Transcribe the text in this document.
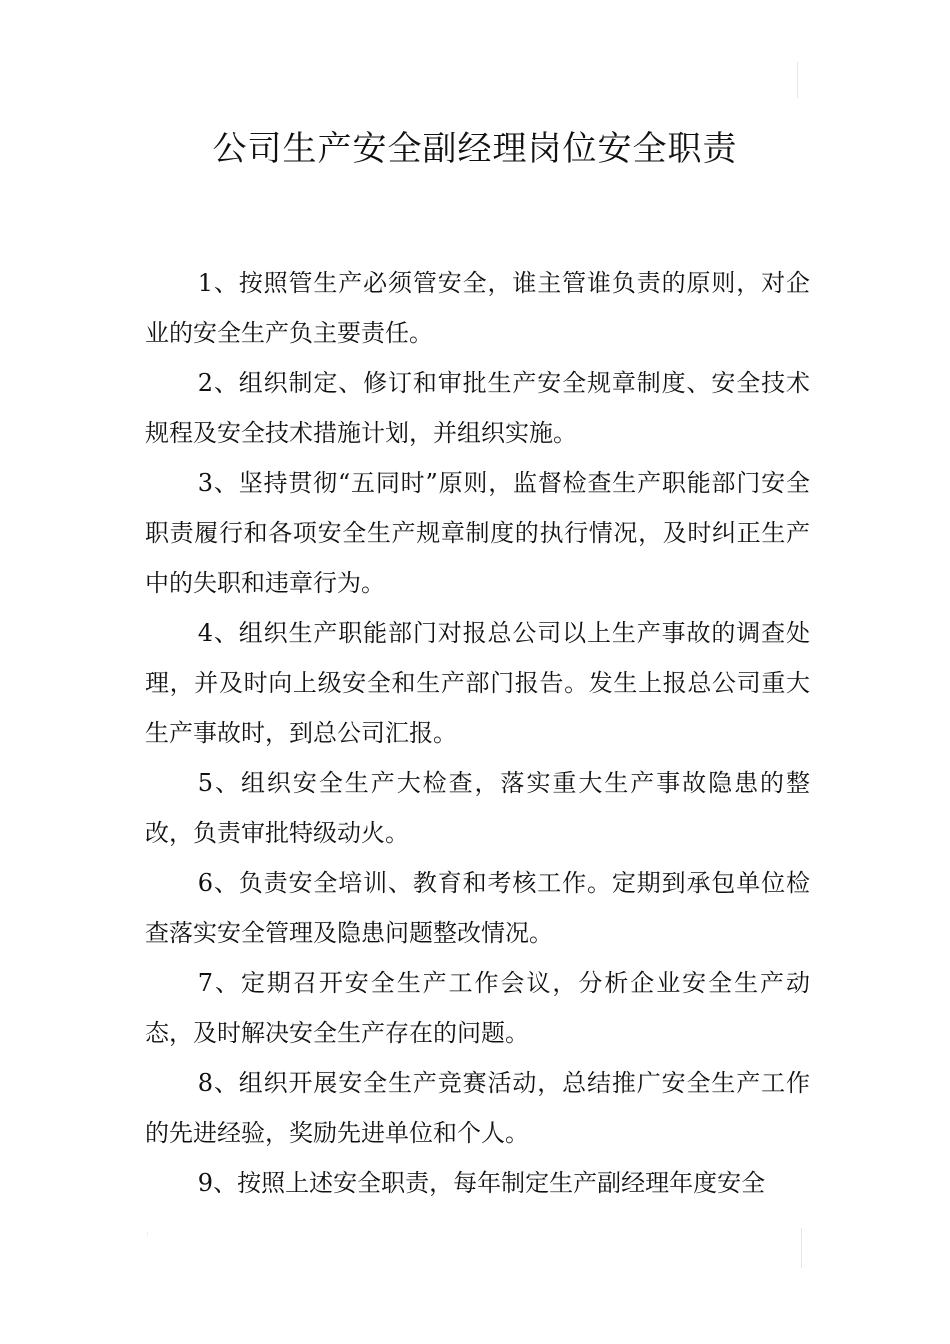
公司生产安全副经理岗位安全职责

1、按照管生产必须管安全，谁主管谁负责的原则，对企业的安全生产负主要责任。

2、组织制定、修订和审批生产安全规章制度、安全技术规程及安全技术措施计划，并组织实施。

3、坚持贯彻“五同时”原则，监督检查生产职能部门安全职责履行和各项安全生产规章制度的执行情况，及时纠正生产中的失职和违章行为。

4、组织生产职能部门对报总公司以上生产事故的调查处理，并及时向上级安全和生产部门报告。发生上报总公司重大生产事故时，到总公司汇报。

5、组织安全生产大检查，落实重大生产事故隐患的整改，负责审批特级动火。

6、负责安全培训、教育和考核工作。定期到承包单位检查落实安全管理及隐患问题整改情况。

7、定期召开安全生产工作会议，分析企业安全生产动态，及时解决安全生产存在的问题。

8、组织开展安全生产竞赛活动，总结推广安全生产工作的先进经验，奖励先进单位和个人。

9、按照上述安全职责，每年制定生产副经理年度安全
